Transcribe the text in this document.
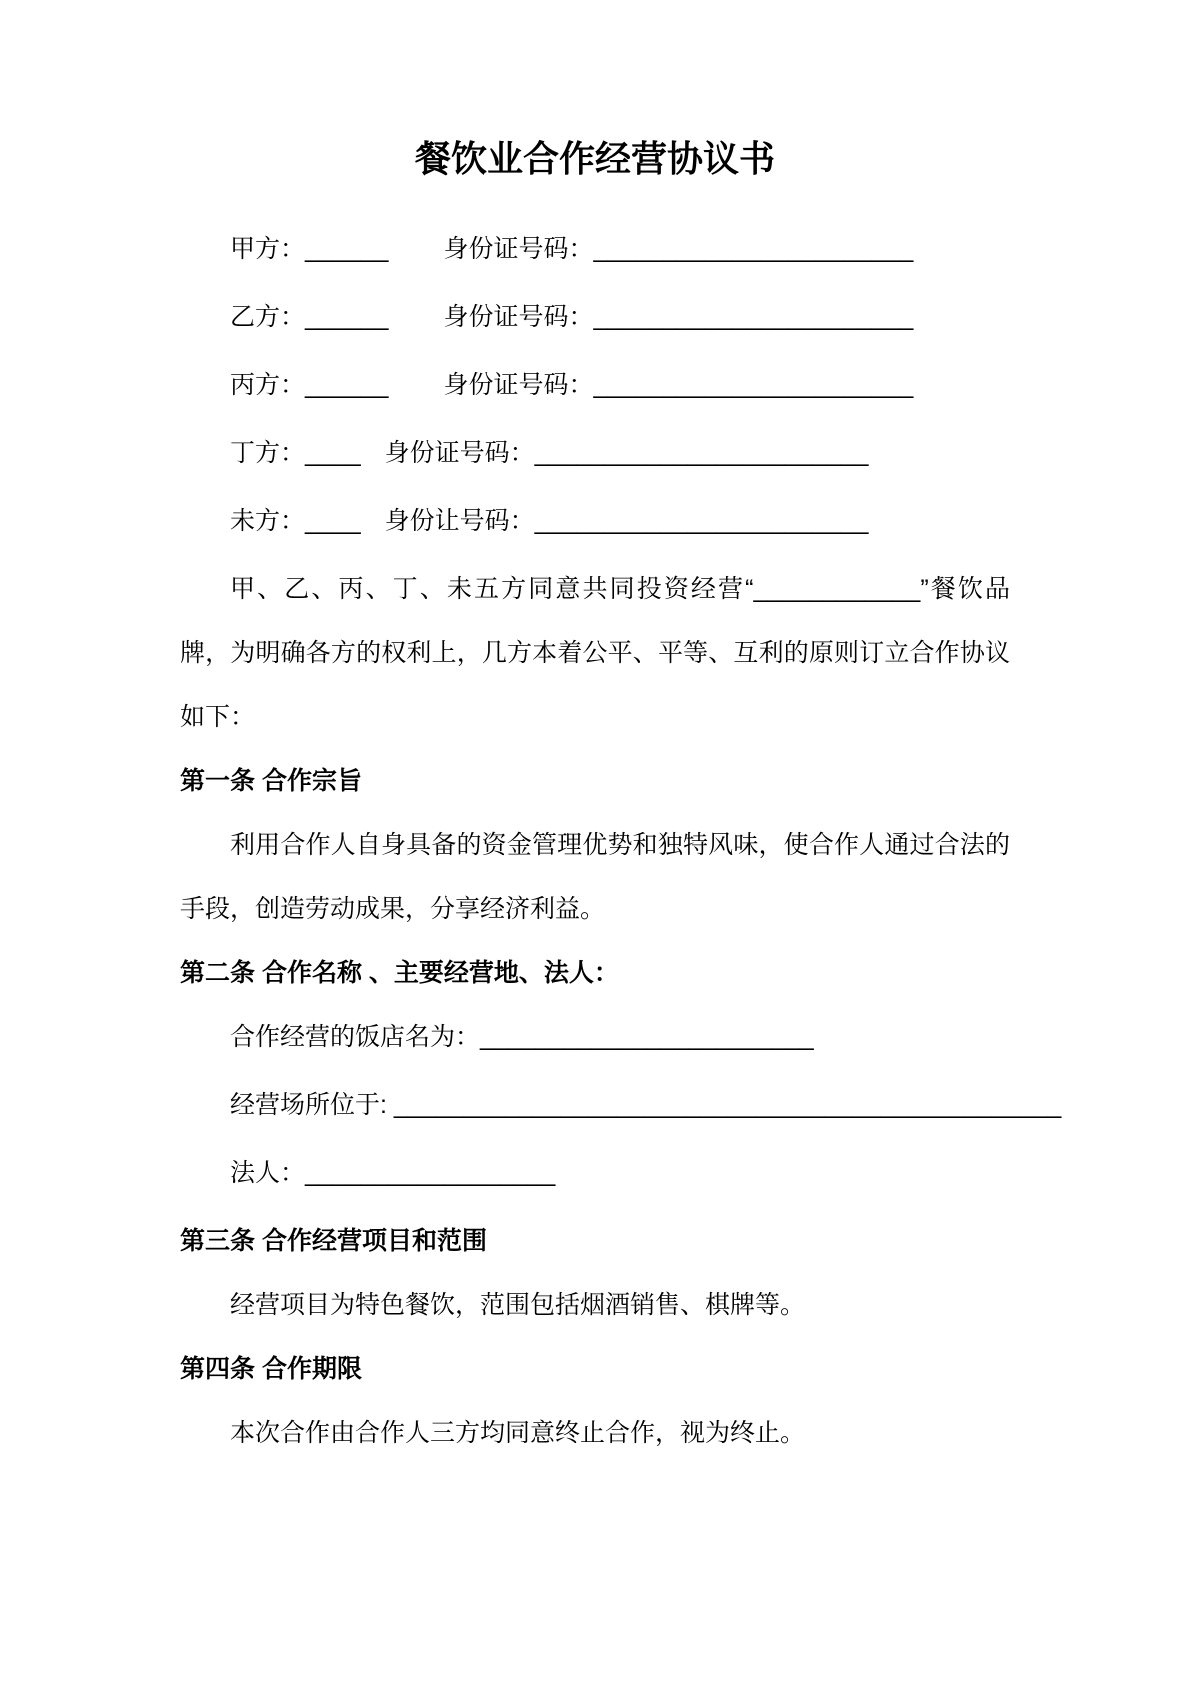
餐饮业合作经营协议书

甲方：______ 身份证号码：_______________________

乙方：______ 身份证号码：_______________________

丙方：______ 身份证号码：_______________________

丁方：____ 身份证号码：________________________

未方：____ 身份让号码：________________________

甲、乙、丙、丁、未五方同意共同投资经营“____________”餐饮品牌，为明确各方的权利上，几方本着公平、平等、互利的原则订立合作协议如下：

第一条 合作宗旨

利用合作人自身具备的资金管理优势和独特风味，使合作人通过合法的手段，创造劳动成果，分享经济利益。

第二条 合作名称 、主要经营地、法人：

合作经营的饭店名为：________________________

经营场所位于: ________________________________________________

法人：__________________

第三条 合作经营项目和范围

经营项目为特色餐饮，范围包括烟酒销售、棋牌等。

第四条 合作期限

本次合作由合作人三方均同意终止合作，视为终止。
